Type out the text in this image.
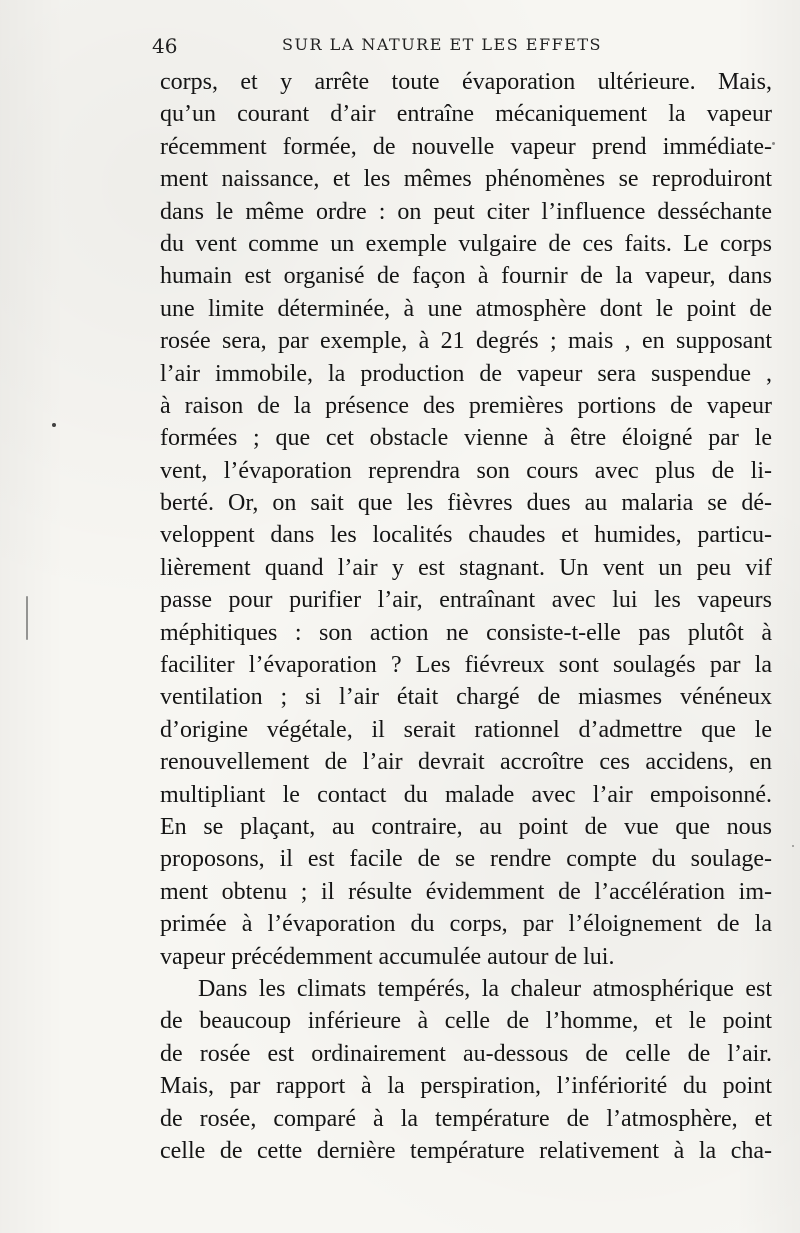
46	SUR LA NATURE ET LES EFFETS
corps, et y arrête toute évaporation ultérieure. Mais,
qu’un courant d’air entraîne mécaniquement la vapeur
récemment formée, de nouvelle vapeur prend immédiate-
ment naissance, et les mêmes phénomènes se reproduiront
dans le même ordre : on peut citer l’influence desséchante
du vent comme un exemple vulgaire de ces faits. Le corps
humain est organisé de façon à fournir de la vapeur, dans
une limite déterminée, à une atmosphère dont le point de
rosée sera, par exemple, à 21 degrés ; mais , en supposant
l’air immobile, la production de vapeur sera suspendue ,
à raison de la présence des premières portions de vapeur
formées ; que cet obstacle vienne à être éloigné par le
vent, l’évaporation reprendra son cours avec plus de li-
berté. Or, on sait que les fièvres dues au malaria se dé-
veloppent dans les localités chaudes et humides, particu-
lièrement quand l’air y est stagnant. Un vent un peu vif
passe pour purifier l’air, entraînant avec lui les vapeurs
méphitiques : son action ne consiste-t-elle pas plutôt à
faciliter l’évaporation ? Les fiévreux sont soulagés par la
ventilation ; si l’air était chargé de miasmes vénéneux
d’origine végétale, il serait rationnel d’admettre que le
renouvellement de l’air devrait accroître ces accidens, en
multipliant le contact du malade avec l’air empoisonné.
En se plaçant, au contraire, au point de vue que nous
proposons, il est facile de se rendre compte du soulage-
ment obtenu ; il résulte évidemment de l’accélération im-
primée à l’évaporation du corps, par l’éloignement de la
vapeur précédemment accumulée autour de lui.
Dans les climats tempérés, la chaleur atmosphérique est
de beaucoup inférieure à celle de l’homme, et le point
de rosée est ordinairement au-dessous de celle de l’air.
Mais, par rapport à la perspiration, l’infériorité du point
de rosée, comparé à la température de l’atmosphère, et
celle de cette dernière température relativement à la cha-
